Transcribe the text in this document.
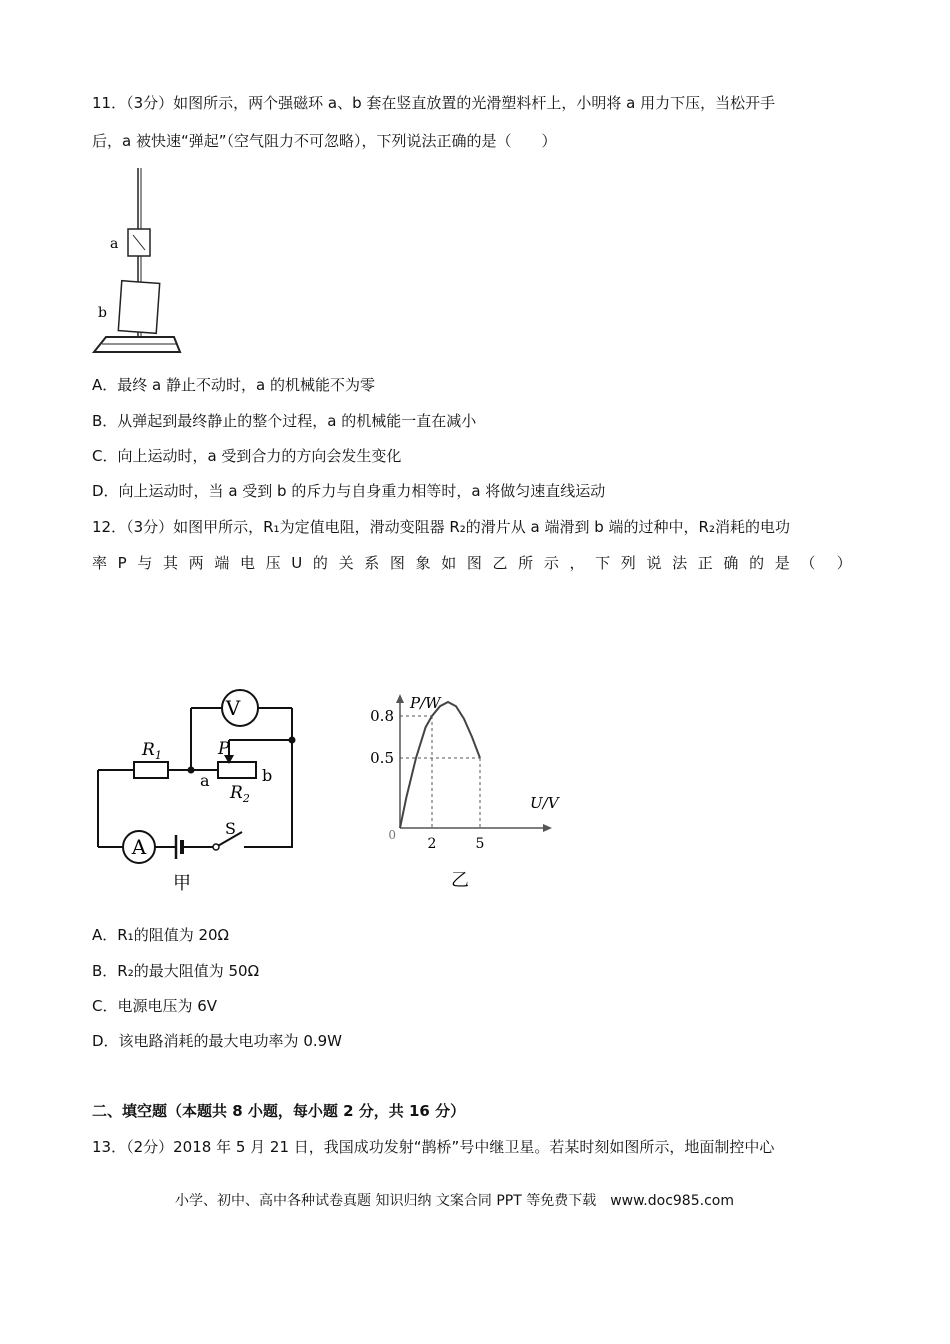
11．（3分）如图所示，两个强磁环 a、b 套在竖直放置的光滑塑料杆上，小明将 a 用力下压，当松开手
后，a 被快速“弹起”（空气阻力不可忽略），下列说法正确的是（　　）
a
b
A．最终 a 静止不动时，a 的机械能不为零
B．从弹起到最终静止的整个过程，a 的机械能一直在减小
C．向上运动时，a 受到合力的方向会发生变化
D．向上运动时，当 a 受到 b 的斥力与自身重力相等时，a 将做匀速直线运动
12．（3分）如图甲所示，R₁为定值电阻，滑动变阻器 R₂的滑片从 a 端滑到 b 端的过种中，R₂消耗的电功
率 P 与 其 两 端 电 压 U 的 关 系 图 象 如 图 乙 所 示 ， 下 列 说 法 正 确 的 是 （ ）
V
A
$R_1$
$R_2$
P
a	b
S
甲
0.8
0.5
2	5
P/W
U/V
0
乙
A．R₁的阻值为 20Ω
B．R₂的最大阻值为 50Ω
C．电源电压为 6V
D．该电路消耗的最大电功率为 0.9W
二、填空题（本题共 8 小题，每小题 2 分，共 16 分）
13．（2分）2018 年 5 月 21 日，我国成功发射“鹊桥”号中继卫星。若某时刻如图所示，地面制控中心
小学、初中、高中各种试卷真题 知识归纳 文案合同 PPT 等免费下载　www.doc985.com
